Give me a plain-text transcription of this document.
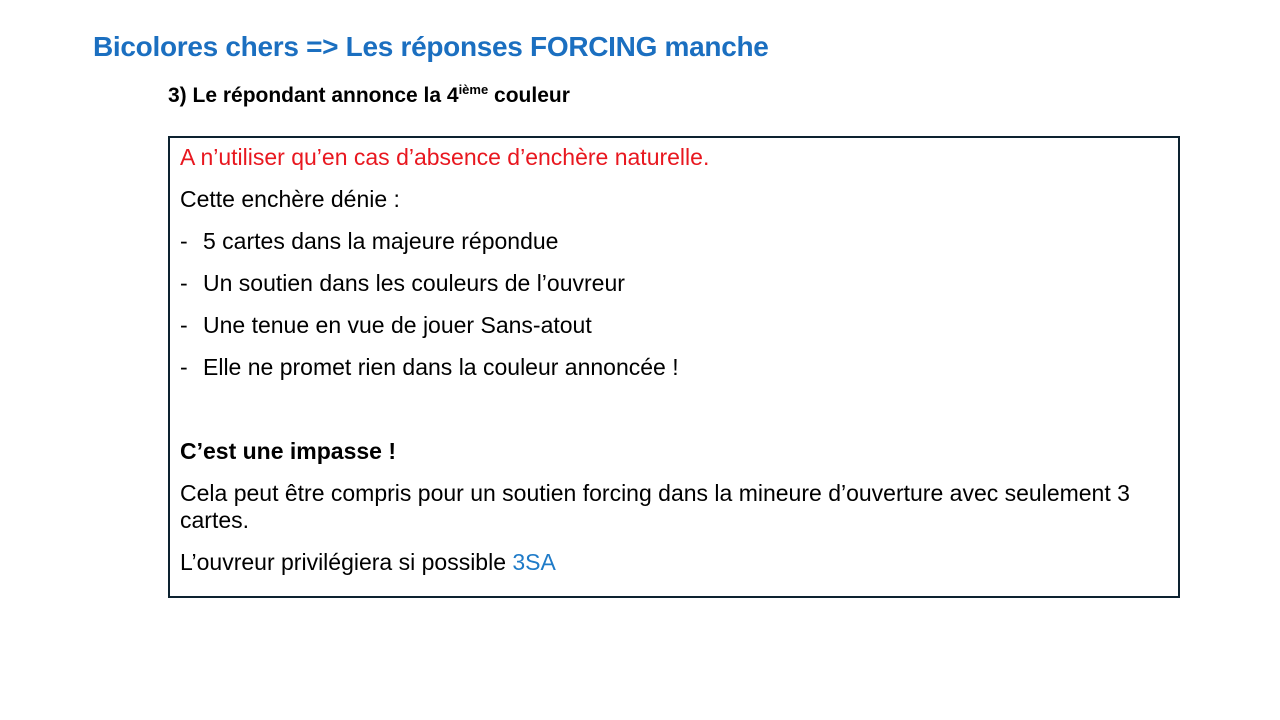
Bicolores chers => Les réponses FORCING manche
3) Le répondant annonce la 4ième couleur

A n’utiliser qu’en cas d’absence d’enchère naturelle.

Cette enchère dénie :

- 5 cartes dans la majeure répondue
- Un soutien dans les couleurs de l’ouvreur
- Une tenue en vue de jouer Sans-atout
- Elle ne promet rien dans la couleur annoncée !

C’est une impasse !

Cela peut être compris pour un soutien forcing dans la mineure d’ouverture avec seulement 3 cartes.

L’ouvreur privilégiera si possible 3SA
